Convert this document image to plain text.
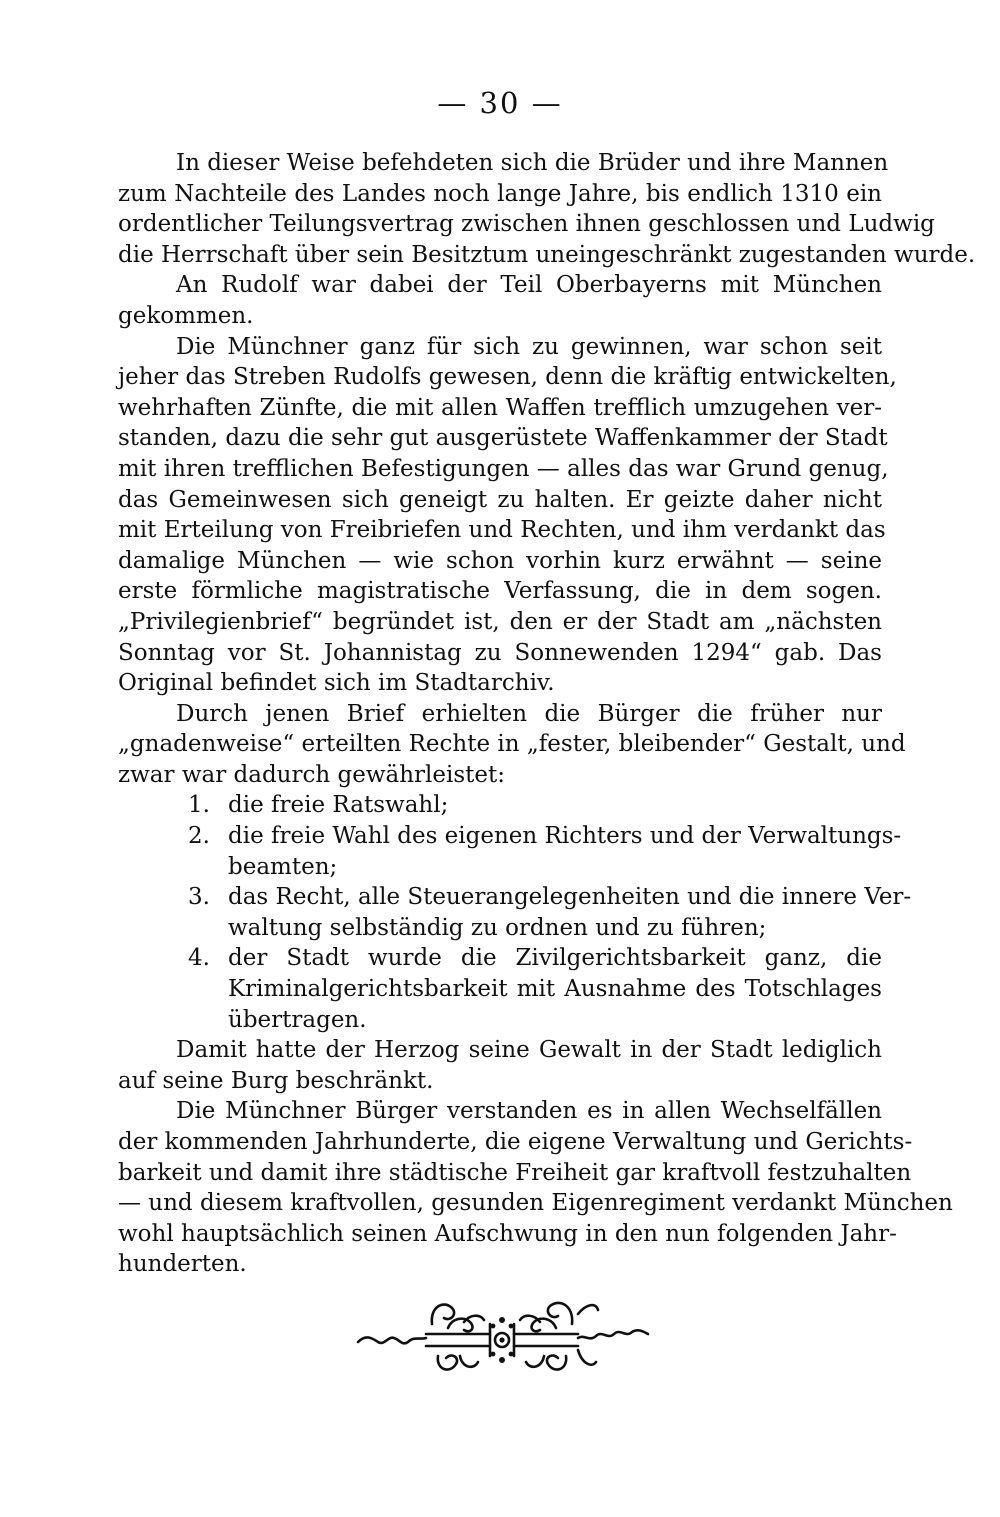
— 30 —
In dieser Weise befehdeten sich die Brüder und ihre Mannen
zum Nachteile des Landes noch lange Jahre, bis endlich 1310 ein
ordentlicher Teilungsvertrag zwischen ihnen geschlossen und Ludwig
die Herrschaft über sein Besitztum uneingeschränkt zugestanden wurde.
An Rudolf war dabei der Teil Oberbayerns mit München
gekommen.
Die Münchner ganz für sich zu gewinnen, war schon seit
jeher das Streben Rudolfs gewesen, denn die kräftig entwickelten,
wehrhaften Zünfte, die mit allen Waffen trefflich umzugehen ver-
standen, dazu die sehr gut ausgerüstete Waffenkammer der Stadt
mit ihren trefflichen Befestigungen — alles das war Grund genug,
das Gemeinwesen sich geneigt zu halten. Er geizte daher nicht
mit Erteilung von Freibriefen und Rechten, und ihm verdankt das
damalige München — wie schon vorhin kurz erwähnt — seine
erste förmliche magistratische Verfassung, die in dem sogen.
„Privilegienbrief“ begründet ist, den er der Stadt am „nächsten
Sonntag vor St. Johannistag zu Sonnewenden 1294“ gab. Das
Original befindet sich im Stadtarchiv.
Durch jenen Brief erhielten die Bürger die früher nur
„gnadenweise“ erteilten Rechte in „fester, bleibender“ Gestalt, und
zwar war dadurch gewährleistet:
1. die freie Ratswahl;
2. die freie Wahl des eigenen Richters und der Verwaltungs-
beamten;
3. das Recht, alle Steuerangelegenheiten und die innere Ver-
waltung selbständig zu ordnen und zu führen;
4. der Stadt wurde die Zivilgerichtsbarkeit ganz, die
Kriminalgerichtsbarkeit mit Ausnahme des Totschlages
übertragen.
Damit hatte der Herzog seine Gewalt in der Stadt lediglich
auf seine Burg beschränkt.
Die Münchner Bürger verstanden es in allen Wechselfällen
der kommenden Jahrhunderte, die eigene Verwaltung und Gerichts-
barkeit und damit ihre städtische Freiheit gar kraftvoll festzuhalten
— und diesem kraftvollen, gesunden Eigenregiment verdankt München
wohl hauptsächlich seinen Aufschwung in den nun folgenden Jahr-
hunderten.
